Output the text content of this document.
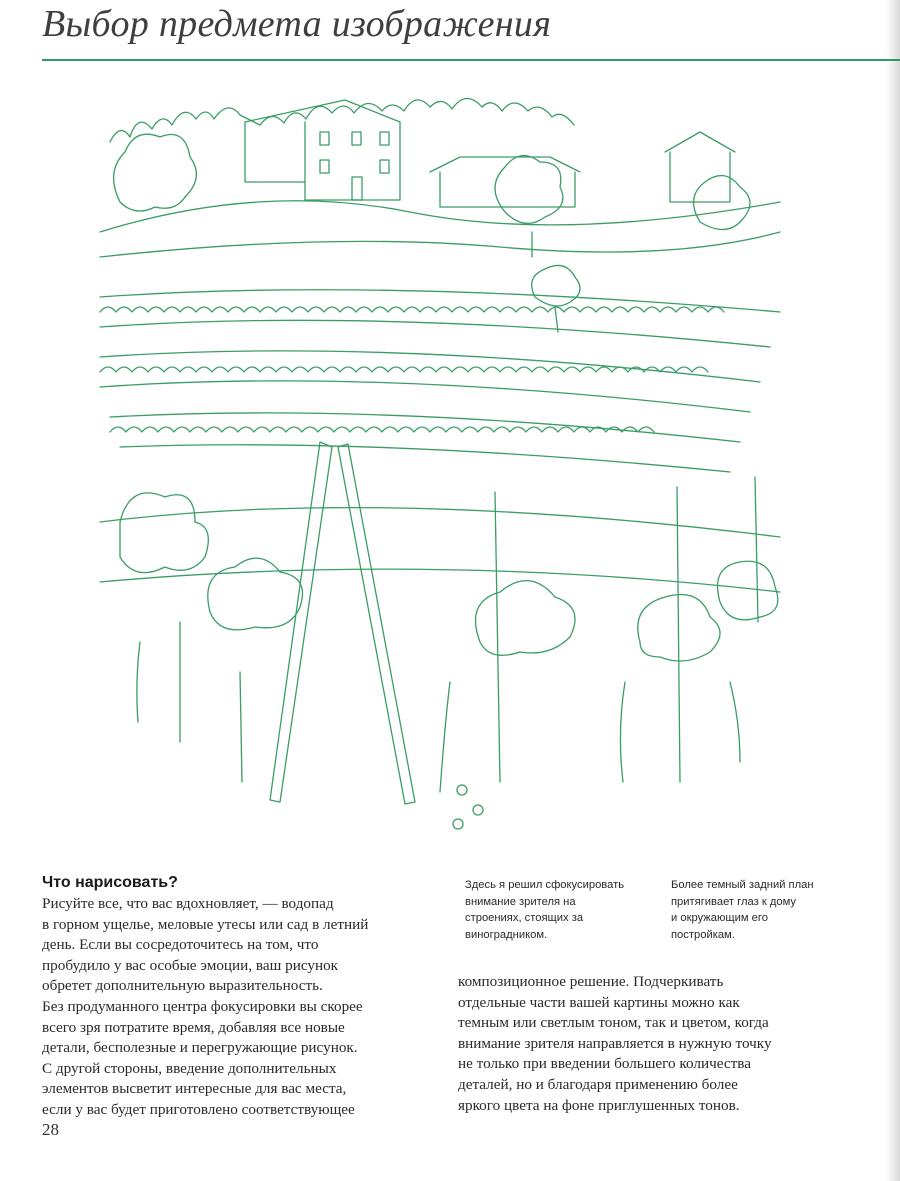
Выбор предмета изображения
Что нарисовать?
Рисуйте все, что вас вдохновляет, — водопад
в горном ущелье, меловые утесы или сад в летний
день. Если вы сосредоточитесь на том, что
пробудило у вас особые эмоции, ваш рисунок
обретет дополнительную выразительность.
Без продуманного центра фокусировки вы скорее
всего зря потратите время, добавляя все новые
детали, бесполезные и перегружающие рисунок.
С другой стороны, введение дополнительных
элементов высветит интересные для вас места,
если у вас будет приготовлено соответствующее
Здесь я решил сфокусировать
внимание зрителя на
строениях, стоящих за
виноградником.
Более темный задний план
притягивает глаз к дому
и окружающим его
постройкам.
композиционное решение. Подчеркивать
отдельные части вашей картины можно как
темным или светлым тоном, так и цветом, когда
внимание зрителя направляется в нужную точку
не только при введении большего количества
деталей, но и благодаря применению более
яркого цвета на фоне приглушенных тонов.
28
